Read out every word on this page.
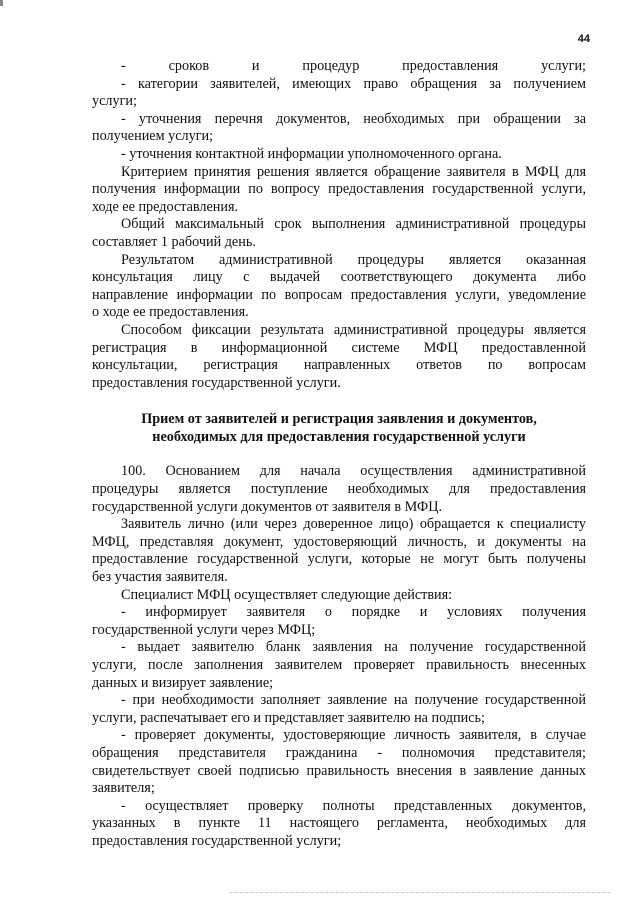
44
- сроков и процедур предоставления услуги;
- категории заявителей, имеющих право обращения за получением
услуги;
- уточнения перечня документов, необходимых при обращении за
получением услуги;
- уточнения контактной информации уполномоченного органа.
Критерием принятия решения является обращение заявителя в МФЦ для
получения информации по вопросу предоставления государственной услуги,
ходе ее предоставления.
Общий максимальный срок выполнения административной процедуры
составляет 1 рабочий день.
Результатом административной процедуры является оказанная
консультация лицу с выдачей соответствующего документа либо
направление информации по вопросам предоставления услуги, уведомление
о ходе ее предоставления.
Способом фиксации результата административной процедуры является
регистрация в информационной системе МФЦ предоставленной
консультации, регистрация направленных ответов по вопросам
предоставления государственной услуги.
Прием от заявителей и регистрация заявления и документов,
необходимых для предоставления государственной услуги
100. Основанием для начала осуществления административной
процедуры является поступление необходимых для предоставления
государственной услуги документов от заявителя в МФЦ.
Заявитель лично (или через доверенное лицо) обращается к специалисту
МФЦ, представляя документ, удостоверяющий личность, и документы на
предоставление государственной услуги, которые не могут быть получены
без участия заявителя.
Специалист МФЦ осуществляет следующие действия:
- информирует заявителя о порядке и условиях получения
государственной услуги через МФЦ;
- выдает заявителю бланк заявления на получение государственной
услуги, после заполнения заявителем проверяет правильность внесенных
данных и визирует заявление;
- при необходимости заполняет заявление на получение государственной
услуги, распечатывает его и представляет заявителю на подпись;
- проверяет документы, удостоверяющие личность заявителя, в случае
обращения представителя гражданина - полномочия представителя;
свидетельствует своей подписью правильность внесения в заявление данных
заявителя;
- осуществляет проверку полноты представленных документов,
указанных в пункте 11 настоящего регламента, необходимых для
предоставления государственной услуги;
